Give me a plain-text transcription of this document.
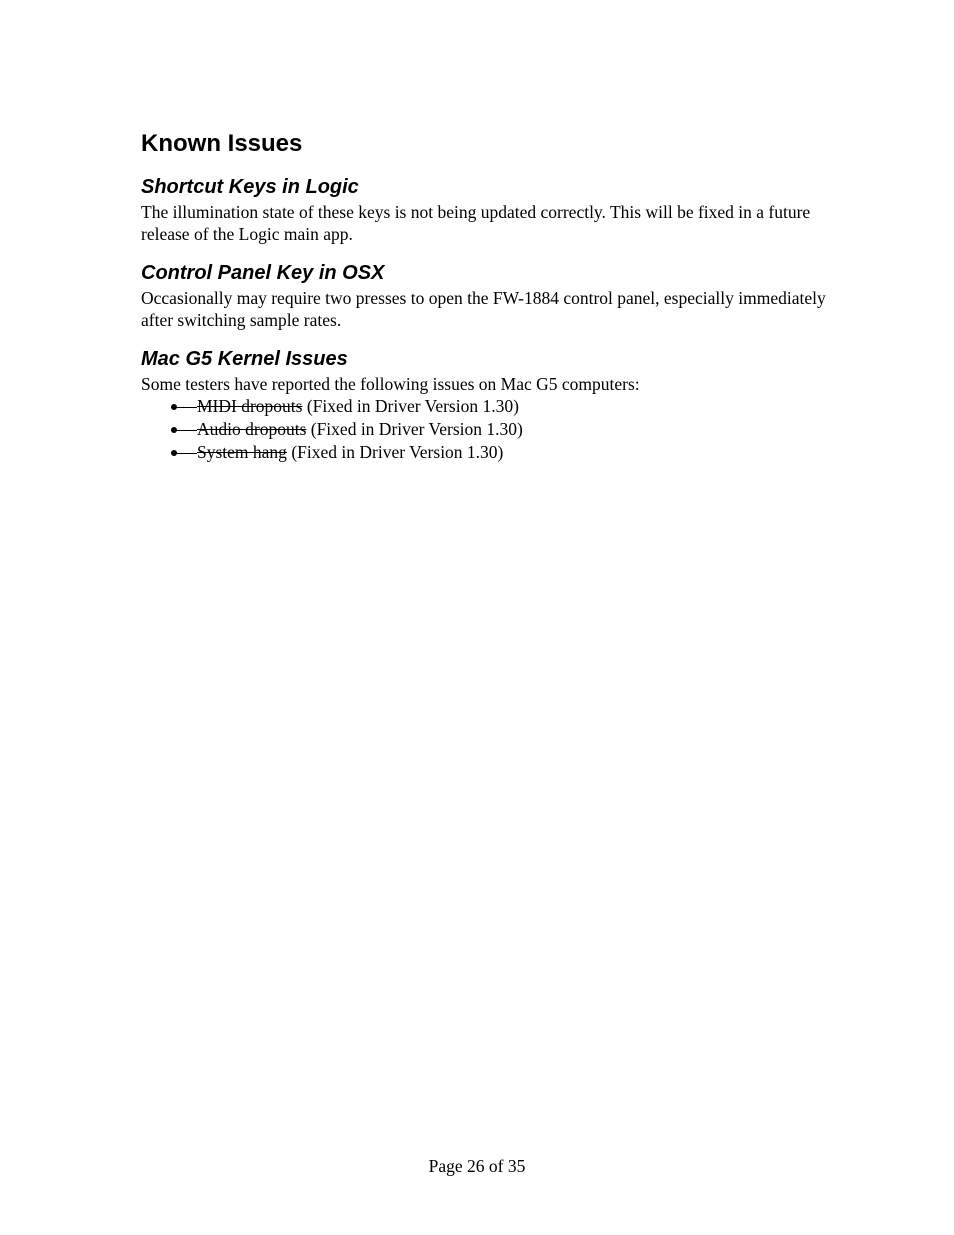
Known Issues
Shortcut Keys in Logic

The illumination state of these keys is not being updated correctly. This will be fixed in a future release of the Logic main app.

Control Panel Key in OSX

Occasionally may require two presses to open the FW-1884 control panel, especially immediately after switching sample rates.

Mac G5 Kernel Issues

Some testers have reported the following issues on Mac G5 computers:

MIDI dropouts (Fixed in Driver Version 1.30)
Audio dropouts (Fixed in Driver Version 1.30)
System hang (Fixed in Driver Version 1.30)
Page 26 of 35
